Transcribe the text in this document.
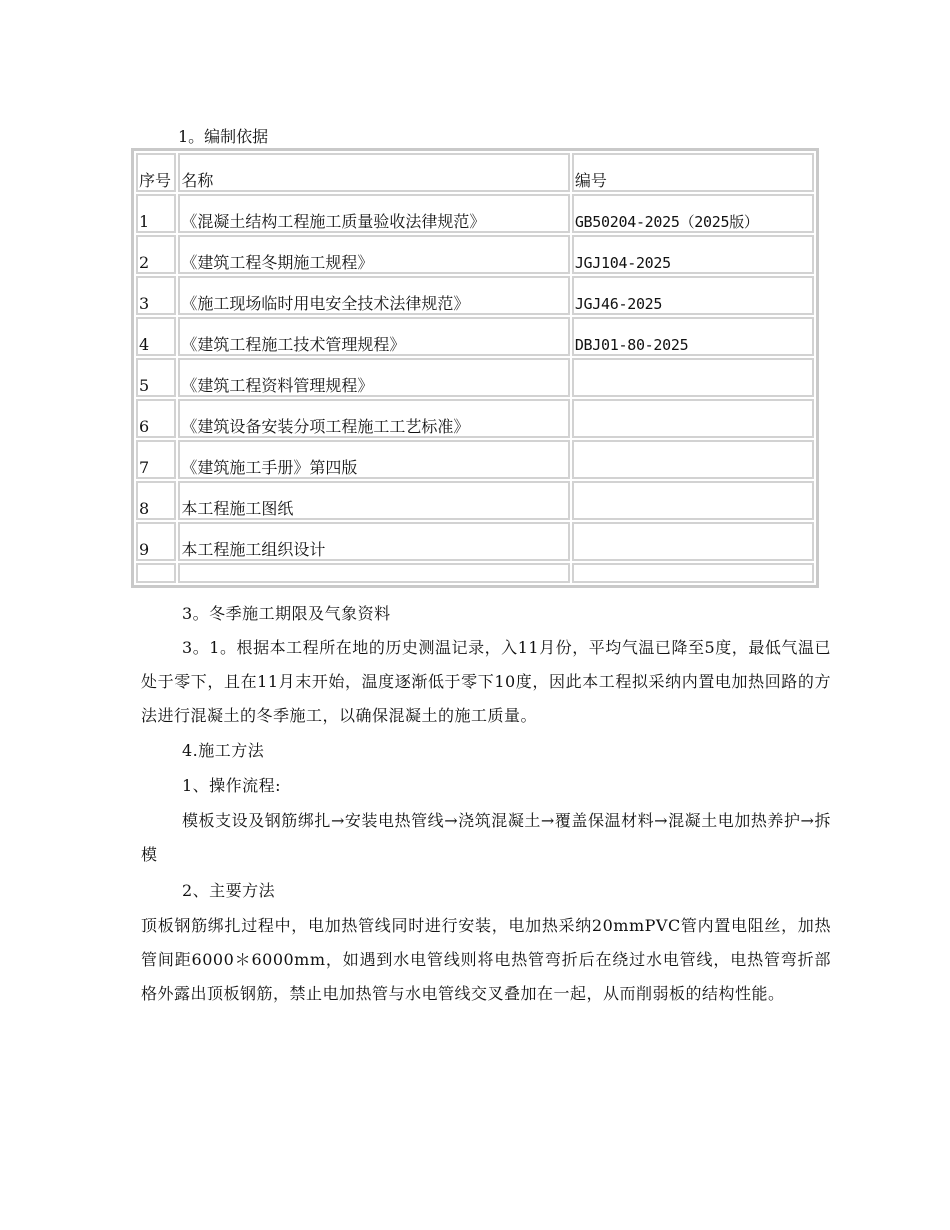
1。编制依据
序号	名称	编号
1	《混凝土结构工程施工质量验收法律规范》	GB50204-2025（2025版）
2	《建筑工程冬期施工规程》	JGJ104-2025
3	《施工现场临时用电安全技术法律规范》	JGJ46-2025
4	《建筑工程施工技术管理规程》	DBJ01-80-2025
5	《建筑工程资料管理规程》	
6	《建筑设备安装分项工程施工工艺标准》	
7	《建筑施工手册》第四版	
8	本工程施工图纸	
9	本工程施工组织设计	

3。冬季施工期限及气象资料
3。1。根据本工程所在地的历史测温记录，入11月份，平均气温已降至5度，最低气温已处于零下，且在11月末开始，温度逐渐低于零下10度，因此本工程拟采纳内置电加热回路的方法进行混凝土的冬季施工，以确保混凝土的施工质量。
4.施工方法
1、操作流程:
模板支设及钢筋绑扎→安装电热管线→浇筑混凝土→覆盖保温材料→混凝土电加热养护→拆模
2、主要方法
顶板钢筋绑扎过程中，电加热管线同时进行安装，电加热采纳20mmPVC管内置电阻丝，加热管间距6000＊6000mm，如遇到水电管线则将电热管弯折后在绕过水电管线，电热管弯折部格外露出顶板钢筋，禁止电加热管与水电管线交叉叠加在一起，从而削弱板的结构性能。
